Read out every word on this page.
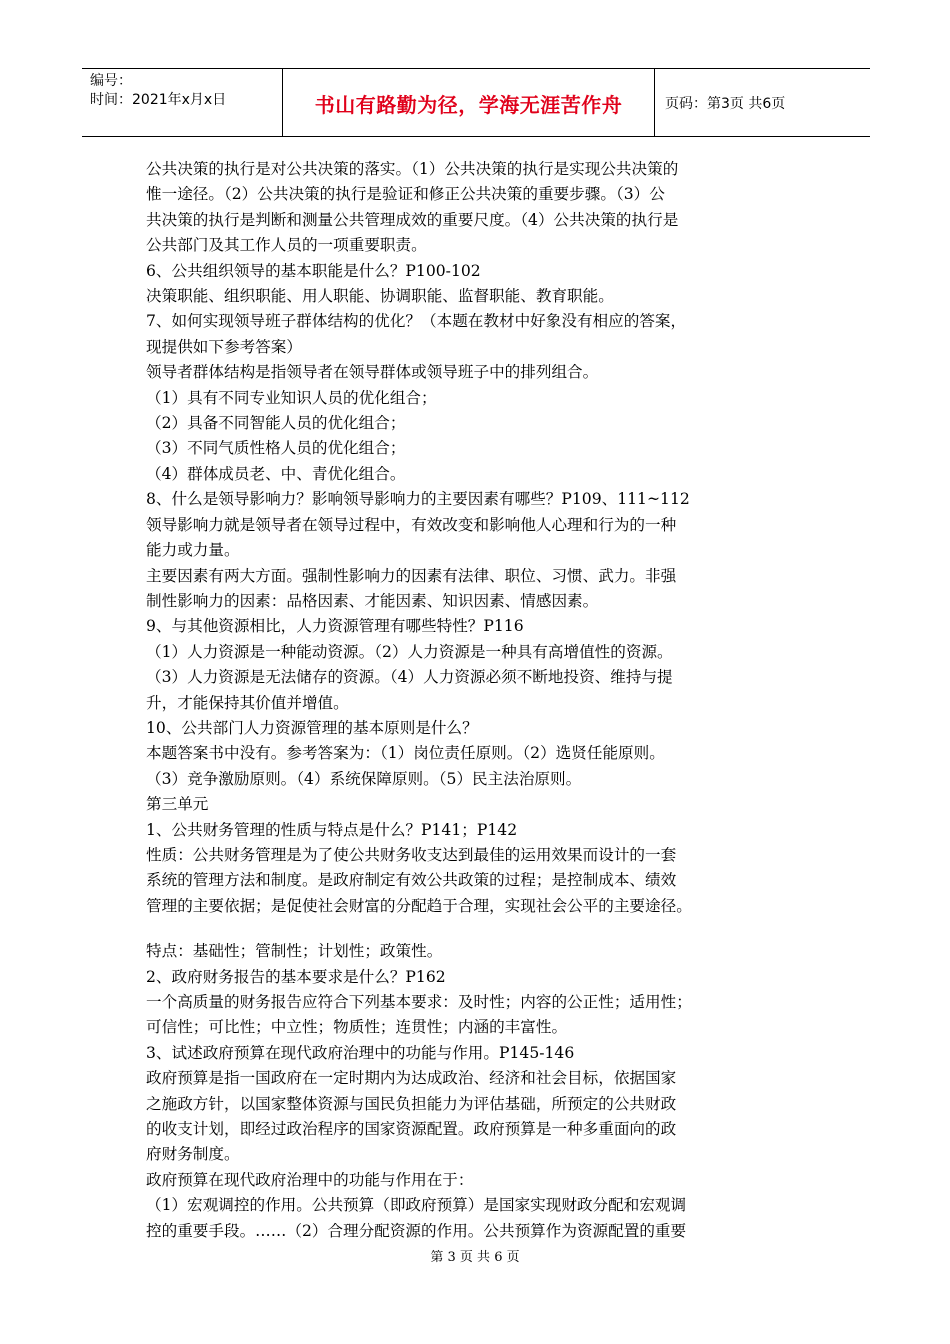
编号：
时间：2021年x月x日	书山有路勤为径，学海无涯苦作舟	页码：第3页 共6页

公共决策的执行是对公共决策的落实。（1）公共决策的执行是实现公共决策的

惟一途径。（2）公共决策的执行是验证和修正公共决策的重要步骤。（3）公

共决策的执行是判断和测量公共管理成效的重要尺度。（4）公共决策的执行是

公共部门及其工作人员的一项重要职责。

6、公共组织领导的基本职能是什么？P100-102

决策职能、组织职能、用人职能、协调职能、监督职能、教育职能。

7、如何实现领导班子群体结构的优化？（本题在教材中好象没有相应的答案，

现提供如下参考答案）

领导者群体结构是指领导者在领导群体或领导班子中的排列组合。

（1）具有不同专业知识人员的优化组合；

（2）具备不同智能人员的优化组合；

（3）不同气质性格人员的优化组合；

（4）群体成员老、中、青优化组合。

8、什么是领导影响力？影响领导影响力的主要因素有哪些？P109、111~112

领导影响力就是领导者在领导过程中，有效改变和影响他人心理和行为的一种

能力或力量。

主要因素有两大方面。强制性影响力的因素有法律、职位、习惯、武力。非强

制性影响力的因素：品格因素、才能因素、知识因素、情感因素。

9、与其他资源相比，人力资源管理有哪些特性？P116

（1）人力资源是一种能动资源。（2）人力资源是一种具有高增值性的资源。

（3）人力资源是无法储存的资源。（4）人力资源必须不断地投资、维持与提

升，才能保持其价值并增值。

10、公共部门人力资源管理的基本原则是什么？

本题答案书中没有。参考答案为：（1）岗位责任原则。（2）选贤任能原则。

（3）竞争激励原则。（4）系统保障原则。（5）民主法治原则。

第三单元

1、公共财务管理的性质与特点是什么？P141；P142

性质：公共财务管理是为了使公共财务收支达到最佳的运用效果而设计的一套

系统的管理方法和制度。是政府制定有效公共政策的过程；是控制成本、绩效

管理的主要依据；是促使社会财富的分配趋于合理，实现社会公平的主要途径。

特点：基础性；管制性；计划性；政策性。

2、政府财务报告的基本要求是什么？P162

一个高质量的财务报告应符合下列基本要求：及时性；内容的公正性；适用性；

可信性；可比性；中立性；物质性；连贯性；内涵的丰富性。

3、试述政府预算在现代政府治理中的功能与作用。P145-146

政府预算是指一国政府在一定时期内为达成政治、经济和社会目标，依据国家

之施政方针，以国家整体资源与国民负担能力为评估基础，所预定的公共财政

的收支计划，即经过政治程序的国家资源配置。政府预算是一种多重面向的政

府财务制度。

政府预算在现代政府治理中的功能与作用在于：

（1）宏观调控的作用。公共预算（即政府预算）是国家实现财政分配和宏观调

控的重要手段。……（2）合理分配资源的作用。公共预算作为资源配置的重要

第 3 页 共 6 页
